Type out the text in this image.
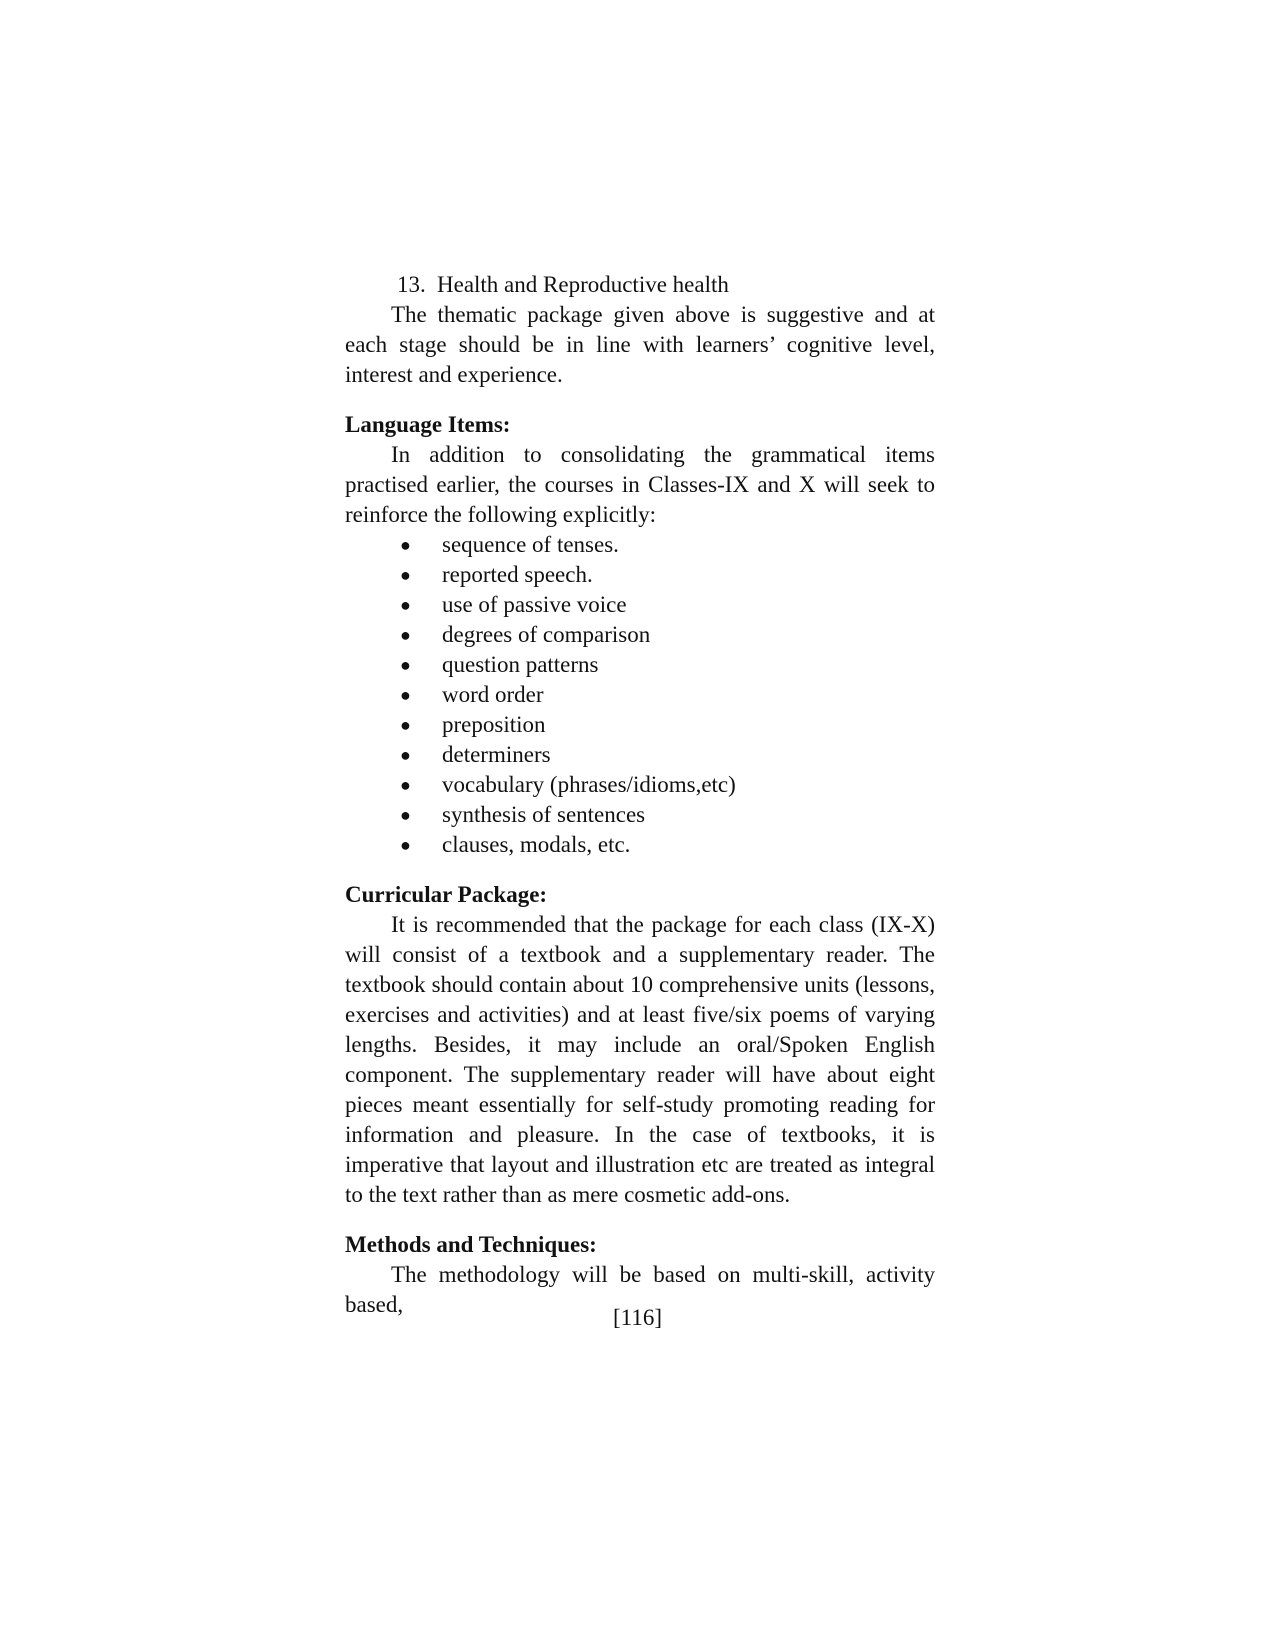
13. Health and Reproductive health

The thematic package given above is suggestive and at each stage should be in line with learners’ cognitive level, interest and experience.

Language Items:

In addition to consolidating the grammatical items practised earlier, the courses in Classes-IX and X will seek to reinforce the following explicitly:

● sequence of tenses.
● reported speech.
● use of passive voice
● degrees of comparison
● question patterns
● word order
● preposition
● determiners
● vocabulary (phrases/idioms,etc)
● synthesis of sentences
● clauses, modals, etc.
Curricular Package:

It is recommended that the package for each class (IX-X) will consist of a textbook and a supplementary reader. The textbook should contain about 10 comprehensive units (lessons, exercises and activities) and at least five/six poems of varying lengths. Besides, it may include an oral/Spoken English component. The supplementary reader will have about eight pieces meant essentially for self-study promoting reading for information and pleasure. In the case of textbooks, it is imperative that layout and illustration etc are treated as integral to the text rather than as mere cosmetic add-ons.

Methods and Techniques:

The methodology will be based on multi-skill, activity based,

[116]
